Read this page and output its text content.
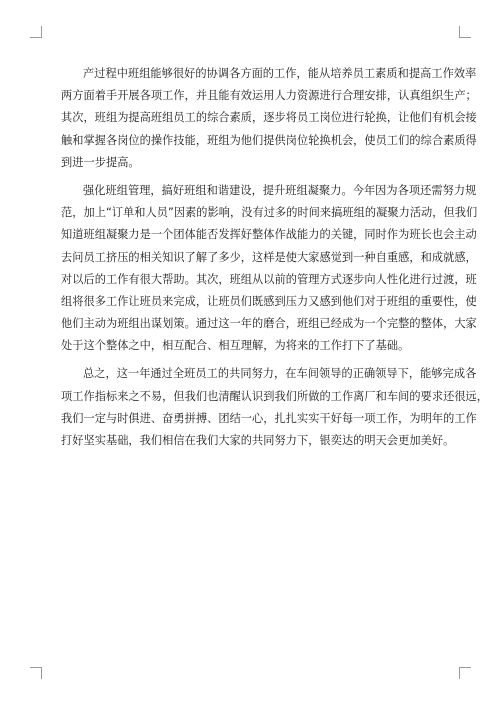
产过程中班组能够很好的协调各方面的工作，能从培养员工素质和提高工作效率
两方面着手开展各项工作，并且能有效运用人力资源进行合理安排，认真组织生产；
其次，班组为提高班组员工的综合素质，逐步将员工岗位进行轮换，让他们有机会接
触和掌握各岗位的操作技能，班组为他们提供岗位轮换机会，使员工们的综合素质得
到进一步提高。
强化班组管理，搞好班组和谐建设，提升班组凝聚力。今年因为各项还需努力规
范，加上“订单和人员”因素的影响，没有过多的时间来搞班组的凝聚力活动，但我们
知道班组凝聚力是一个团体能否发挥好整体作战能力的关键，同时作为班长也会主动
去问员工挤压的相关知识了解了多少，这样是使大家感觉到一种自重感，和成就感，
对以后的工作有很大帮助。其次，班组从以前的管理方式逐步向人性化进行过渡，班
组将很多工作让班员来完成，让班员们既感到压力又感到他们对于班组的重要性，使
他们主动为班组出谋划策。通过这一年的磨合，班组已经成为一个完整的整体，大家
处于这个整体之中，相互配合、相互理解，为将来的工作打下了基础。
总之，这一年通过全班员工的共同努力，在车间领导的正确领导下，能够完成各
项工作指标来之不易，但我们也清醒认识到我们所做的工作离厂和车间的要求还很远，
我们一定与时俱进、奋勇拼搏、团结一心，扎扎实实干好每一项工作，为明年的工作
打好坚实基础，我们相信在我们大家的共同努力下，银奕达的明天会更加美好。
